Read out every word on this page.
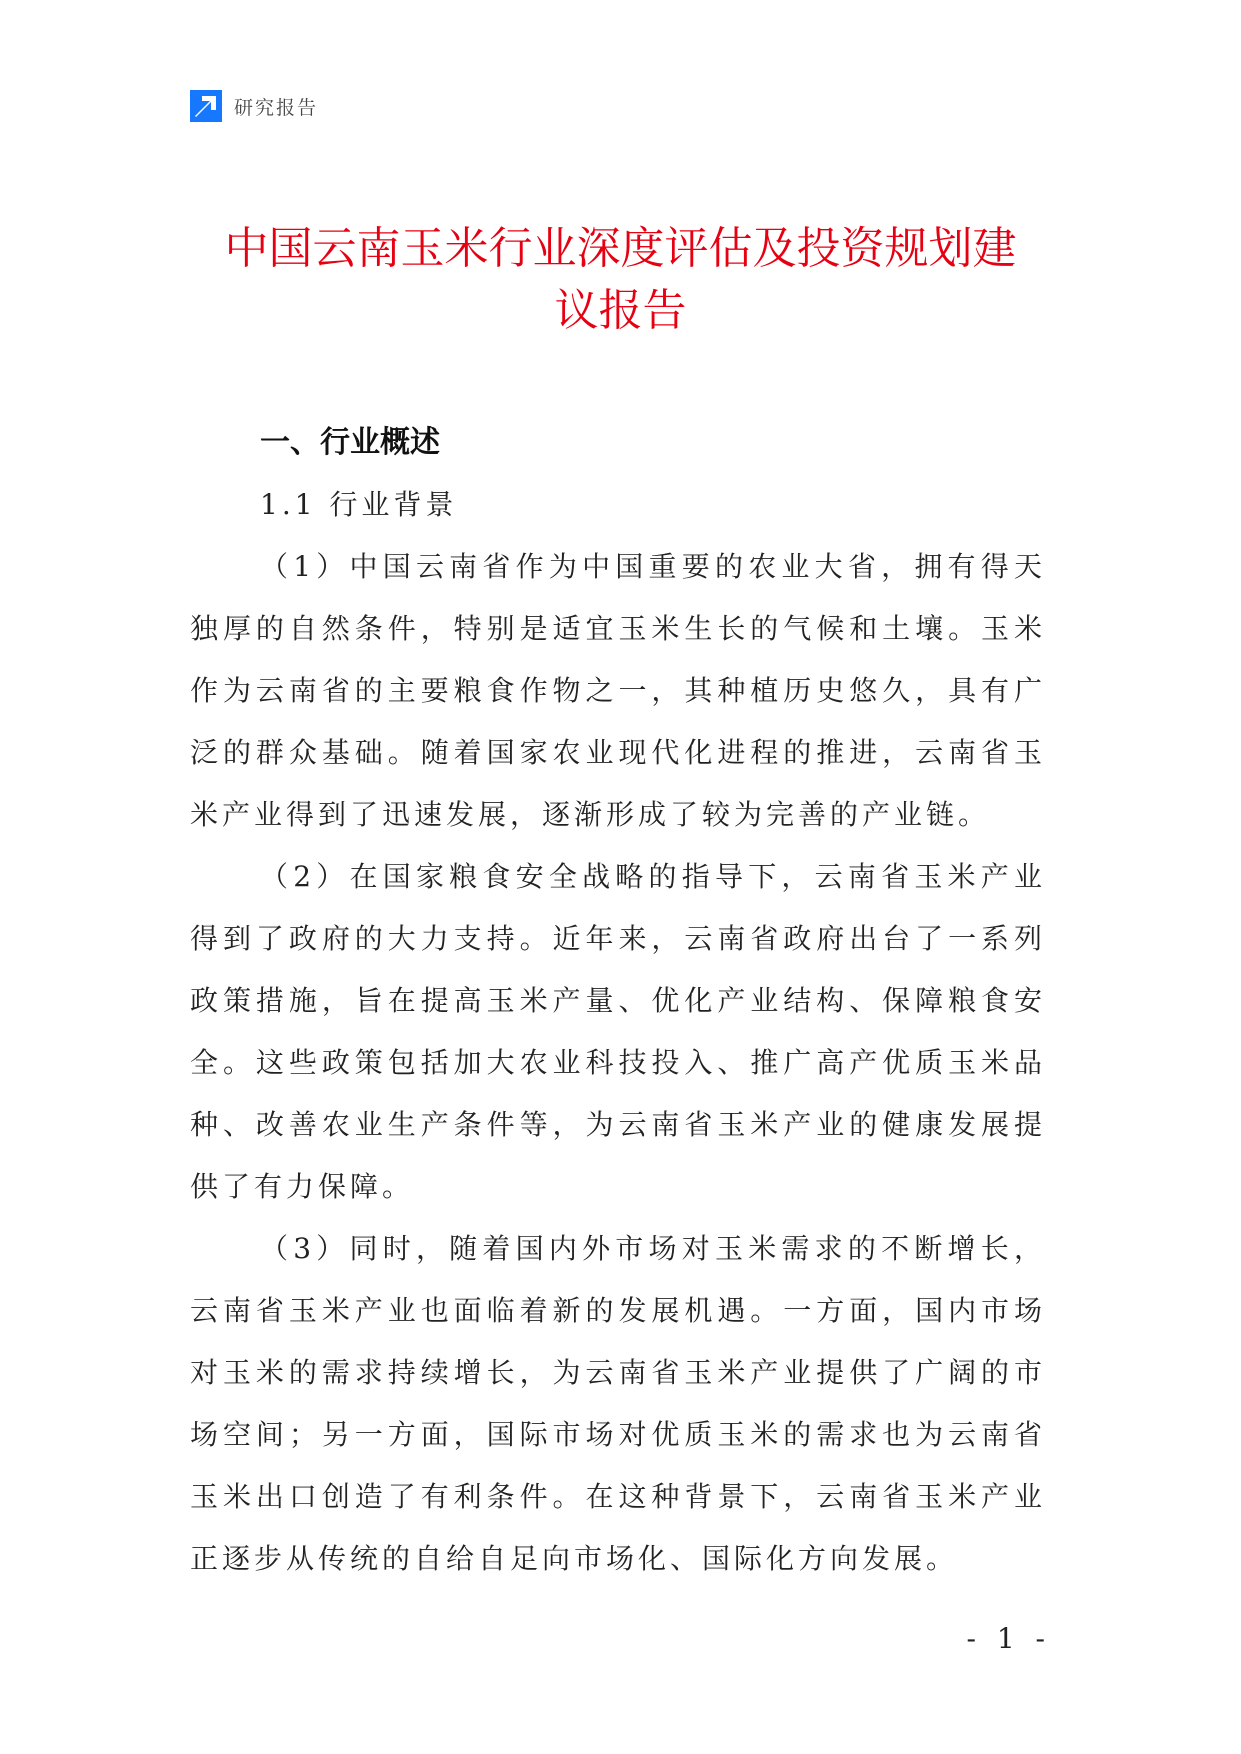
研究报告
中国云南玉米行业深度评估及投资规划建
议报告

一、行业概述

1.1 行业背景

（1）中国云南省作为中国重要的农业大省，拥有得天独厚的自然条件，特别是适宜玉米生长的气候和土壤。玉米作为云南省的主要粮食作物之一，其种植历史悠久，具有广泛的群众基础。随着国家农业现代化进程的推进，云南省玉米产业得到了迅速发展，逐渐形成了较为完善的产业链。

（2）在国家粮食安全战略的指导下，云南省玉米产业得到了政府的大力支持。近年来，云南省政府出台了一系列政策措施，旨在提高玉米产量、优化产业结构、保障粮食安全。这些政策包括加大农业科技投入、推广高产优质玉米品种、改善农业生产条件等，为云南省玉米产业的健康发展提供了有力保障。

（3）同时，随着国内外市场对玉米需求的不断增长，云南省玉米产业也面临着新的发展机遇。一方面，国内市场对玉米的需求持续增长，为云南省玉米产业提供了广阔的市场空间；另一方面，国际市场对优质玉米的需求也为云南省玉米出口创造了有利条件。在这种背景下，云南省玉米产业正逐步从传统的自给自足向市场化、国际化方向发展。

- 1 -
